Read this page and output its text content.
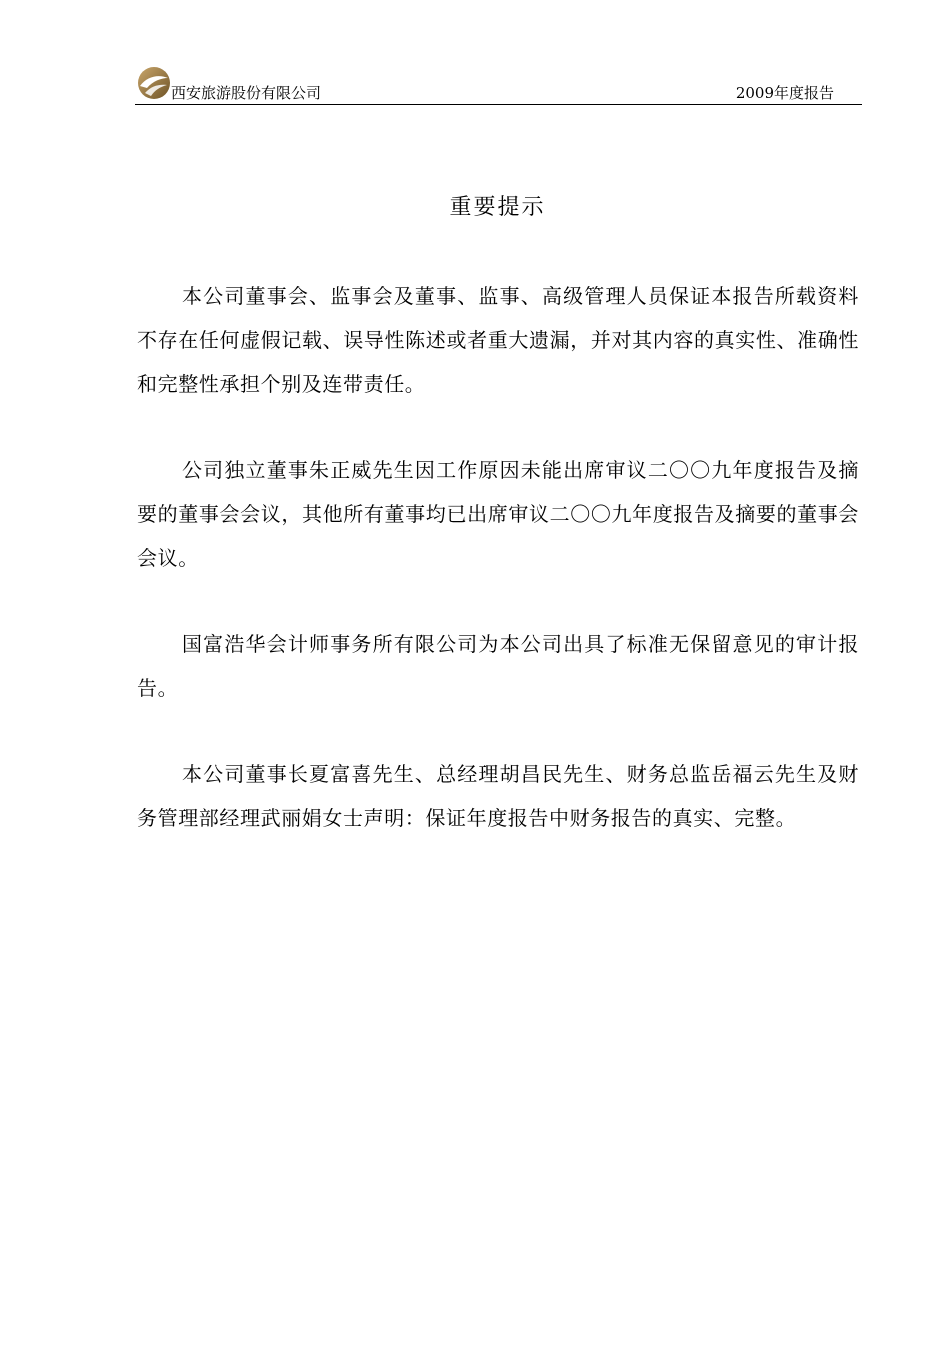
西安旅游股份有限公司	2009年度报告
重要提示

本公司董事会、监事会及董事、监事、高级管理人员保证本报告所载资料不存在任何虚假记载、误导性陈述或者重大遗漏，并对其内容的真实性、准确性和完整性承担个别及连带责任。

公司独立董事朱正威先生因工作原因未能出席审议二〇〇九年度报告及摘要的董事会会议，其他所有董事均已出席审议二〇〇九年度报告及摘要的董事会会议。

国富浩华会计师事务所有限公司为本公司出具了标准无保留意见的审计报告。

本公司董事长夏富喜先生、总经理胡昌民先生、财务总监岳福云先生及财务管理部经理武丽娟女士声明：保证年度报告中财务报告的真实、完整。
